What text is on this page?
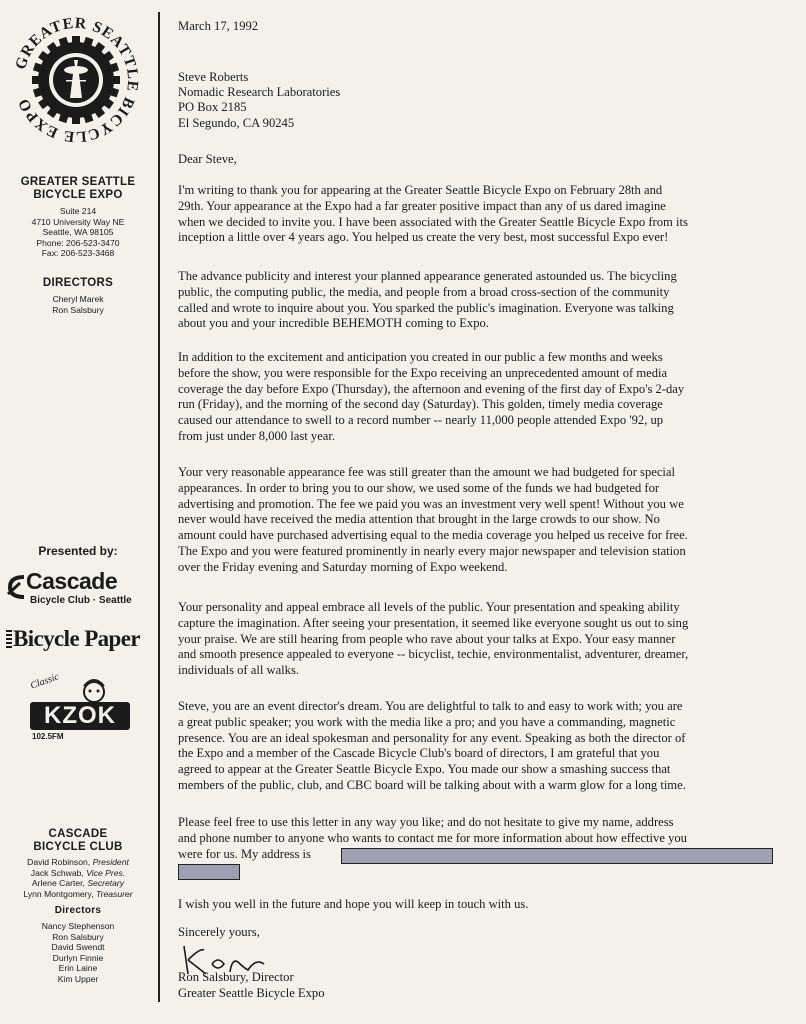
GREATER SEATTLE BICYCLE EXPO
GREATER SEATTLE
BICYCLE EXPO
Suite 214
4710 University Way NE
Seattle, WA 98105
Phone: 206-523-3470
Fax: 206-523-3468
DIRECTORS
Cheryl Marek
Ron Salsbury
Presented by:
Cascade
Bicycle Club · Seattle
Bicycle Paper
Classic
KZOK
102.5FM
CASCADE
BICYCLE CLUB
David Robinson, President
Jack Schwab, Vice Pres.
Arlene Carter, Secretary
Lynn Montgomery, Treasurer
Directors
Nancy Stephenson
Ron Salsbury
David Swendt
Durlyn Finnie
Erin Laine
Kim Upper
March 17, 1992
Steve Roberts
Nomadic Research Laboratories
PO Box 2185
El Segundo, CA 90245
Dear Steve,
I'm writing to thank you for appearing at the Greater Seattle Bicycle Expo on February 28th and
29th. Your appearance at the Expo had a far greater positive impact than any of us dared imagine
when we decided to invite you. I have been associated with the Greater Seattle Bicycle Expo from its
inception a little over 4 years ago. You helped us create the very best, most successful Expo ever!
The advance publicity and interest your planned appearance generated astounded us. The bicycling
public, the computing public, the media, and people from a broad cross-section of the community
called and wrote to inquire about you. You sparked the public's imagination. Everyone was talking
about you and your incredible BEHEMOTH coming to Expo.
In addition to the excitement and anticipation you created in our public a few months and weeks
before the show, you were responsible for the Expo receiving an unprecedented amount of media
coverage the day before Expo (Thursday), the afternoon and evening of the first day of Expo's 2-day
run (Friday), and the morning of the second day (Saturday). This golden, timely media coverage
caused our attendance to swell to a record number -- nearly 11,000 people attended Expo '92, up
from just under 8,000 last year.
Your very reasonable appearance fee was still greater than the amount we had budgeted for special
appearances. In order to bring you to our show, we used some of the funds we had budgeted for
advertising and promotion. The fee we paid you was an investment very well spent! Without you we
never would have received the media attention that brought in the large crowds to our show. No
amount could have purchased advertising equal to the media coverage you helped us receive for free.
The Expo and you were featured prominently in nearly every major newspaper and television station
over the Friday evening and Saturday morning of Expo weekend.
Your personality and appeal embrace all levels of the public. Your presentation and speaking ability
capture the imagination. After seeing your presentation, it seemed like everyone sought us out to sing
your praise. We are still hearing from people who rave about your talks at Expo. Your easy manner
and smooth presence appealed to everyone -- bicyclist, techie, environmentalist, adventurer, dreamer,
individuals of all walks.
Steve, you are an event director's dream. You are delightful to talk to and easy to work with; you are
a great public speaker; you work with the media like a pro; and you have a commanding, magnetic
presence. You are an ideal spokesman and personality for any event. Speaking as both the director of
the Expo and a member of the Cascade Bicycle Club's board of directors, I am grateful that you
agreed to appear at the Greater Seattle Bicycle Expo. You made our show a smashing success that
members of the public, club, and CBC board will be talking about with a warm glow for a long time.
Please feel free to use this letter in any way you like; and do not hesitate to give my name, address
and phone number to anyone who wants to contact me for more information about how effective you
were for us. My address is
I wish you well in the future and hope you will keep in touch with us.
Sincerely yours,
Ron Salsbury, Director
Greater Seattle Bicycle Expo
